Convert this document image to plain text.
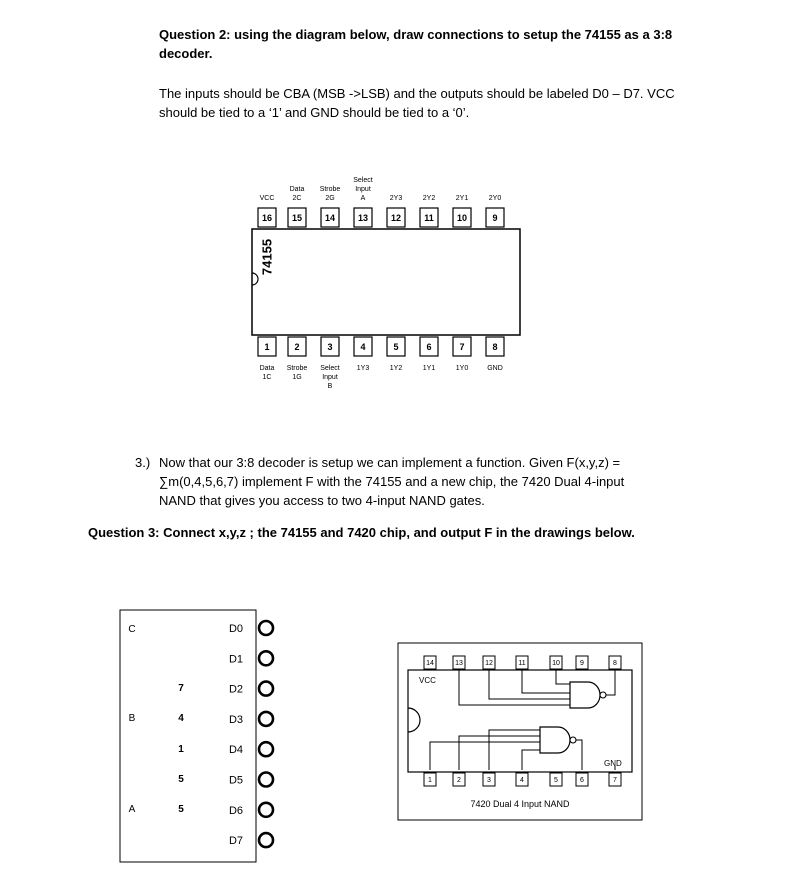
Question 2: using the diagram below, draw connections to setup the 74155 as a 3:8
decoder.
The inputs should be CBA (MSB ->LSB) and the outputs should be labeled D0 – D7. VCC
should be tied to a ‘1’ and GND should be tied to a ‘0’.
74155
16
VCC
15
Data
2C
14
Strobe
2G
13
Select
Input
A
12
2Y3
11
2Y2
10
2Y1
9
2Y0
1
Data
1C
2
Strobe
1G
3
Select
Input
B
4
1Y3
5
1Y2
6
1Y1
7
1Y0
8
GND
3.) Now that our 3:8 decoder is setup we can implement a function. Given F(x,y,z) =
∑m(0,4,5,6,7) implement F with the 74155 and a new chip, the 7420 Dual 4-input
NAND that gives you access to two 4-input NAND gates.
Question 3: Connect x,y,z ; the 74155 and 7420 chip, and output F in the drawings below.
C
B
A
7
4
1
5
5
D0
D1
D2
D3
D4
D5
D6
D7
VCC
GND
14	13	12	11	10	9	8
1	2	3	4	5	6	7
7420 Dual 4 Input NAND
